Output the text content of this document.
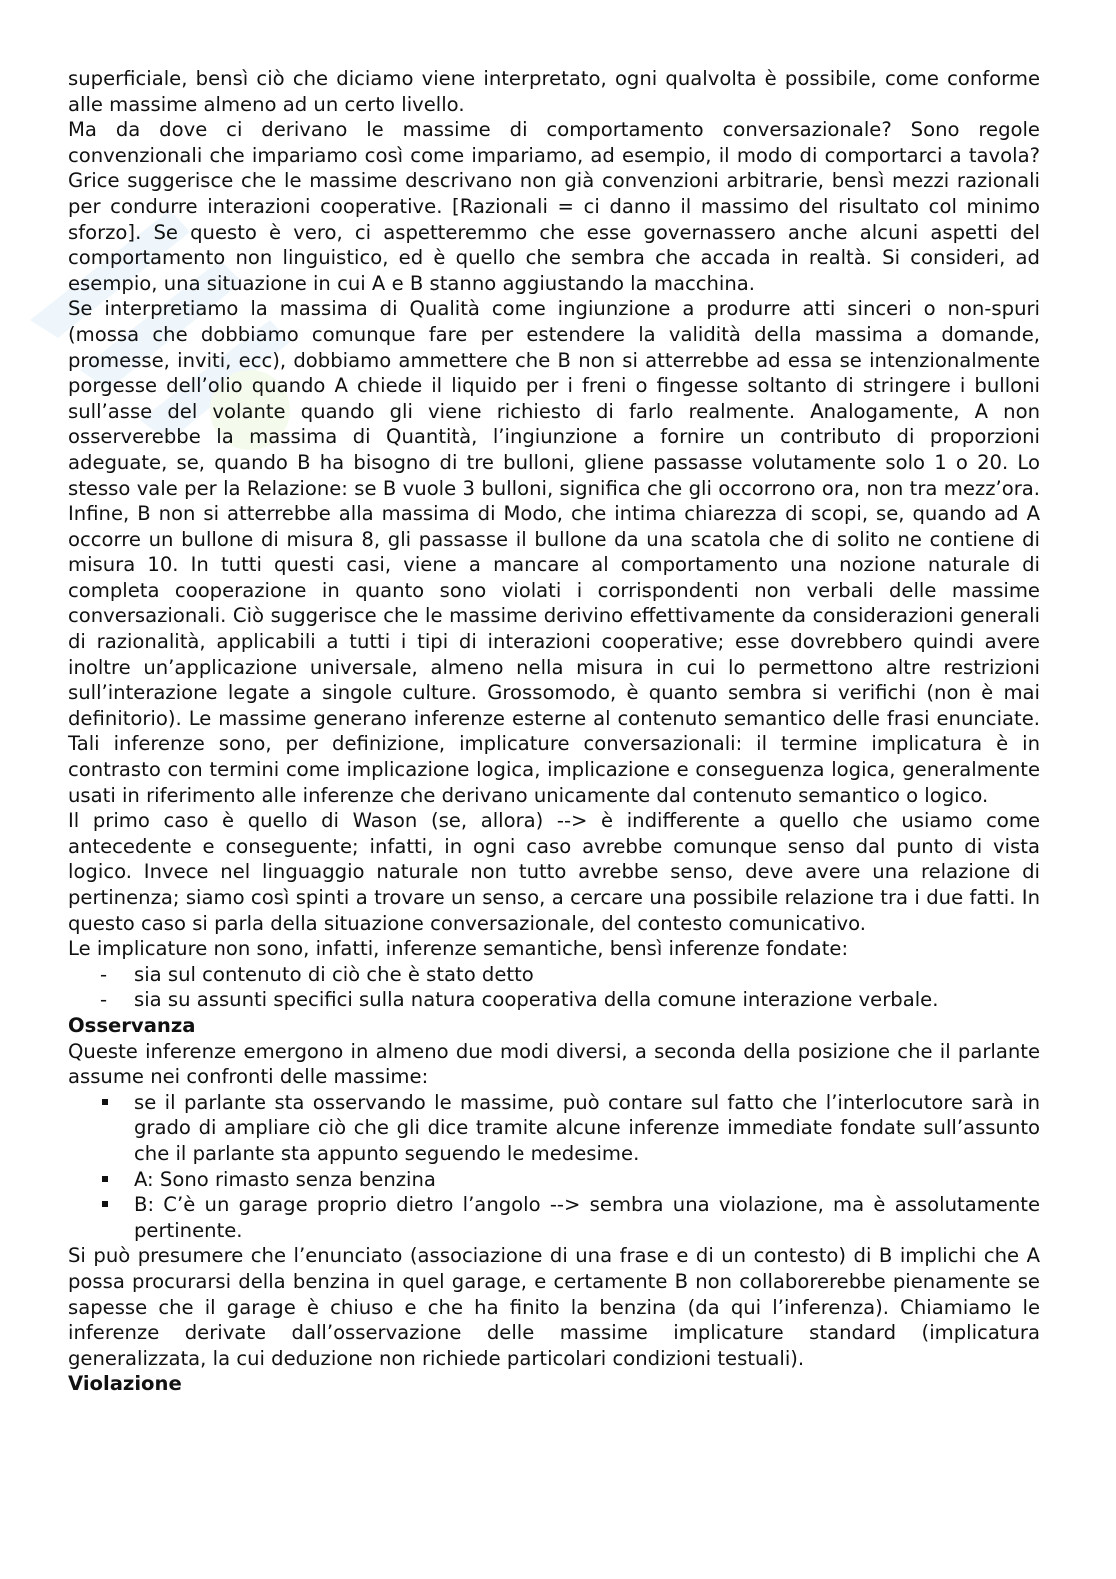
superficiale, bensì ciò che diciamo viene interpretato, ogni qualvolta è possibile, come conforme alle massime almeno ad un certo livello.

Ma da dove ci derivano le massime di comportamento conversazionale? Sono regole convenzionali che impariamo così come impariamo, ad esempio, il modo di comportarci a tavola? Grice suggerisce che le massime descrivano non già convenzioni arbitrarie, bensì mezzi razionali per condurre interazioni cooperative. [Razionali = ci danno il massimo del risultato col minimo sforzo]. Se questo è vero, ci aspetteremmo che esse governassero anche alcuni aspetti del comportamento non linguistico, ed è quello che sembra che accada in realtà. Si consideri, ad esempio, una situazione in cui A e B stanno aggiustando la macchina.

Se interpretiamo la massima di Qualità come ingiunzione a produrre atti sinceri o non-spuri (mossa che dobbiamo comunque fare per estendere la validità della massima a domande, promesse, inviti, ecc), dobbiamo ammettere che B non si atterrebbe ad essa se intenzionalmente porgesse dell’olio quando A chiede il liquido per i freni o fingesse soltanto di stringere i bulloni sull’asse del volante quando gli viene richiesto di farlo realmente. Analogamente, A non osserverebbe la massima di Quantità, l’ingiunzione a fornire un contributo di proporzioni adeguate, se, quando B ha bisogno di tre bulloni, gliene passasse volutamente solo 1 o 20. Lo stesso vale per la Relazione: se B vuole 3 bulloni, significa che gli occorrono ora, non tra mezz’ora. Infine, B non si atterrebbe alla massima di Modo, che intima chiarezza di scopi, se, quando ad A occorre un bullone di misura 8, gli passasse il bullone da una scatola che di solito ne contiene di misura 10. In tutti questi casi, viene a mancare al comportamento una nozione naturale di completa cooperazione in quanto sono violati i corrispondenti non verbali delle massime conversazionali. Ciò suggerisce che le massime derivino effettivamente da considerazioni generali di razionalità, applicabili a tutti i tipi di interazioni cooperative; esse dovrebbero quindi avere inoltre un’applicazione universale, almeno nella misura in cui lo permettono altre restrizioni sull’interazione legate a singole culture. Grossomodo, è quanto sembra si verifichi (non è mai definitorio). Le massime generano inferenze esterne al contenuto semantico delle frasi enunciate. Tali inferenze sono, per definizione, implicature conversazionali: il termine implicatura è in contrasto con termini come implicazione logica, implicazione e conseguenza logica, generalmente usati in riferimento alle inferenze che derivano unicamente dal contenuto semantico o logico.

Il primo caso è quello di Wason (se, allora) --> è indifferente a quello che usiamo come antecedente e conseguente; infatti, in ogni caso avrebbe comunque senso dal punto di vista logico. Invece nel linguaggio naturale non tutto avrebbe senso, deve avere una relazione di pertinenza; siamo così spinti a trovare un senso, a cercare una possibile relazione tra i due fatti. In questo caso si parla della situazione conversazionale, del contesto comunicativo.

Le implicature non sono, infatti, inferenze semantiche, bensì inferenze fondate:

- sia sul contenuto di ciò che è stato detto
- sia su assunti specifici sulla natura cooperativa della comune interazione verbale.

Osservanza

Queste inferenze emergono in almeno due modi diversi, a seconda della posizione che il parlante assume nei confronti delle massime:

se il parlante sta osservando le massime, può contare sul fatto che l’interlocutore sarà in grado di ampliare ciò che gli dice tramite alcune inferenze immediate fondate sull’assunto che il parlante sta appunto seguendo le medesime.
A: Sono rimasto senza benzina
B: C’è un garage proprio dietro l’angolo --> sembra una violazione, ma è assolutamente pertinente.

Si può presumere che l’enunciato (associazione di una frase e di un contesto) di B implichi che A possa procurarsi della benzina in quel garage, e certamente B non collaborerebbe pienamente se sapesse che il garage è chiuso e che ha finito la benzina (da qui l’inferenza). Chiamiamo le inferenze derivate dall’osservazione delle massime implicature standard (implicatura generalizzata, la cui deduzione non richiede particolari condizioni testuali).

Violazione
